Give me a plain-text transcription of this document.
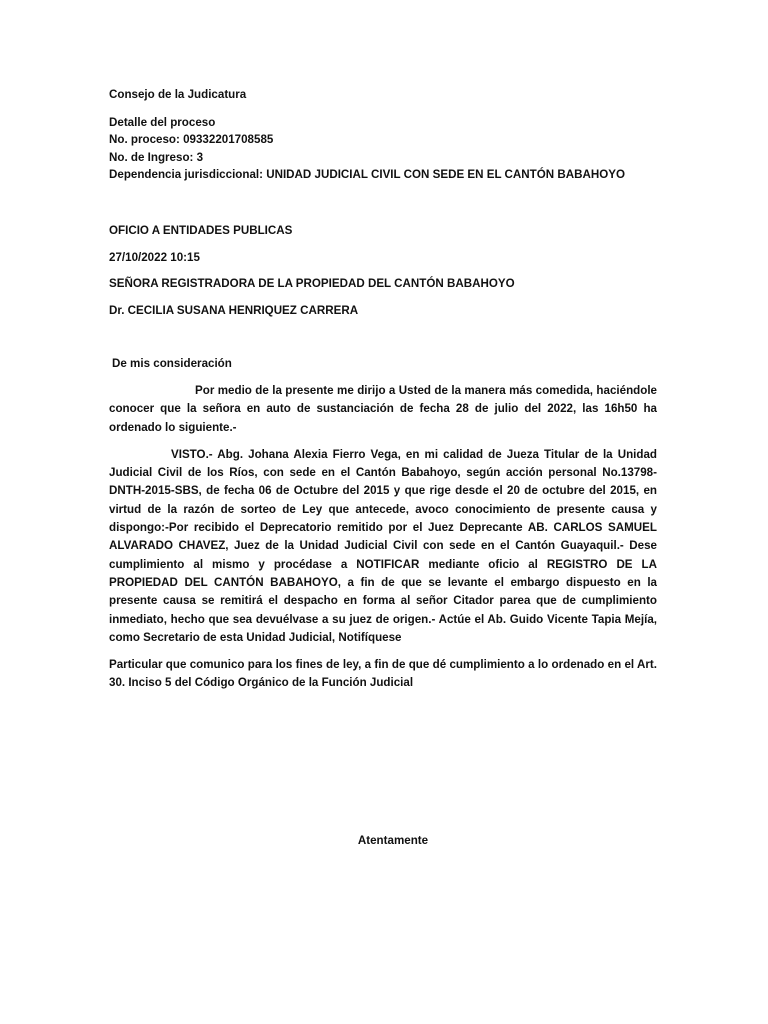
Consejo de la Judicatura
Detalle del proceso
No. proceso: 09332201708585
No. de Ingreso: 3
Dependencia jurisdiccional: UNIDAD JUDICIAL CIVIL CON SEDE EN EL CANTÓN BABAHOYO
OFICIO A ENTIDADES PUBLICAS
27/10/2022 10:15
SEÑORA REGISTRADORA DE LA PROPIEDAD DEL CANTÓN BABAHOYO
Dr. CECILIA SUSANA HENRIQUEZ CARRERA
De mis consideración
Por medio de la presente me dirijo a Usted de la manera más comedida, haciéndole conocer que la señora en auto de sustanciación de fecha 28 de julio del 2022, las 16h50 ha ordenado lo siguiente.-
VISTO.- Abg. Johana Alexia Fierro Vega, en mi calidad de Jueza Titular de la Unidad Judicial Civil de los Ríos, con sede en el Cantón Babahoyo, según acción personal No.13798-DNTH-2015-SBS, de fecha 06 de Octubre del 2015 y que rige desde el 20 de octubre del 2015, en virtud de la razón de sorteo de Ley que antecede, avoco conocimiento de presente causa y dispongo:-Por recibido el Deprecatorio remitido por el Juez Deprecante AB. CARLOS SAMUEL ALVARADO CHAVEZ, Juez de la Unidad Judicial Civil con sede en el Cantón Guayaquil.- Dese cumplimiento al mismo y procédase a NOTIFICAR mediante oficio al REGISTRO DE LA PROPIEDAD DEL CANTÓN BABAHOYO, a fin de que se levante el embargo dispuesto en la presente causa se remitirá el despacho en forma al señor Citador parea que de cumplimiento inmediato, hecho que sea devuélvase a su juez de origen.- Actúe el Ab. Guido Vicente Tapia Mejía, como Secretario de esta Unidad Judicial, Notifíquese
Particular que comunico para los fines de ley, a fin de que dé cumplimiento a lo ordenado en el Art. 30. Inciso 5 del Código Orgánico de la Función Judicial
Atentamente
